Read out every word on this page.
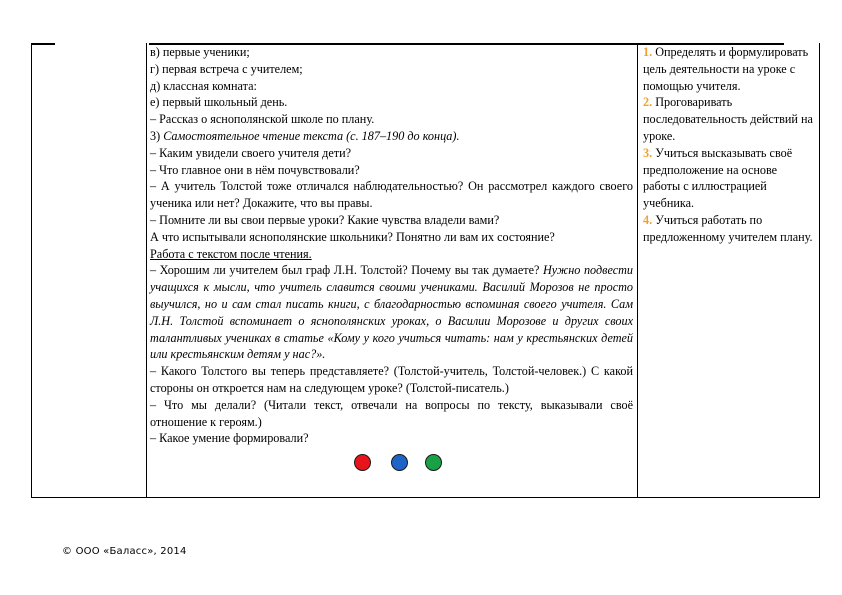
в) первые ученики;

г) первая встреча с учителем;

д) классная комната:

е) первый школьный день.

– Рассказ о яснополянской школе по плану.

3) Самостоятельное чтение текста (с. 187–190 до конца).

– Каким увидели своего учителя дети?

– Что главное они в нём почувствовали?

– А учитель Толстой тоже отличался наблюдательностью? Он рассмотрел каждого своего ученика или нет? Докажите, что вы правы.

– Помните ли вы свои первые уроки? Какие чувства владели вами?

А что испытывали яснополянские школьники? Понятно ли вам их состояние?

Работа с текстом после чтения.

– Хорошим ли учителем был граф Л.Н. Толстой? Почему вы так думаете? Нужно подвести учащихся к мысли, что учитель славится своими учениками. Василий Морозов не просто выучился, но и сам стал писать книги, с благодарностью вспоминая своего учителя. Сам Л.Н. Толстой вспоминает о яснополянских уроках, о Василии Морозове и других своих талантливых учениках в статье «Кому у кого учиться читать: нам у крестьянских детей или крестьянским детям у нас?».

– Какого Толстого вы теперь представляете? (Толстой-учитель, Толстой-человек.) С какой стороны он откроется нам на следующем уроке? (Толстой-писатель.)

– Что мы делали? (Читали текст, отвечали на вопросы по тексту, выказывали своё отношение к героям.)

– Какое умение формировали?

1. Определять и формулировать цель деятельности на уроке с помощью учителя.

2. Проговаривать последовательность действий на уроке.

3. Учиться высказывать своё предположение на основе работы с иллюстрацией учебника.

4. Учиться работать по предложенному учителем плану.

© ООО «Баласс», 2014
